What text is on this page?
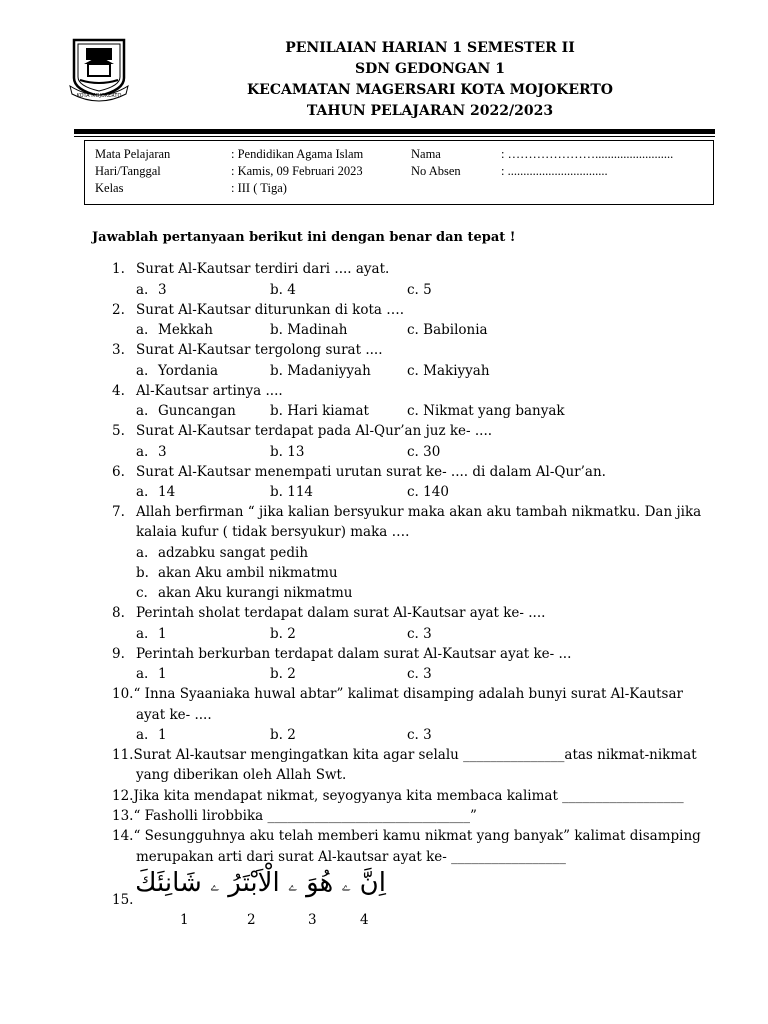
KOTA MOJOKERTO
PENILAIAN HARIAN 1 SEMESTER II
SDN GEDONGAN 1
KECAMATAN MAGERSARI KOTA MOJOKERTO
TAHUN PELAJARAN 2022/2023
Mata Pelajaran	: Pendidikan Agama Islam	Nama	: ………………….........................
Hari/Tanggal	: Kamis, 09 Februari 2023	No Absen	: ................................
Kelas	: III ( Tiga)
Jawablah pertanyaan berikut ini dengan benar dan tepat !
1. Surat Al-Kautsar terdiri dari .... ayat.
a. 3	b. 4	c. 5
2. Surat Al-Kautsar diturunkan di kota ….
a. Mekkah	b. Madinah	c. Babilonia
3. Surat Al-Kautsar tergolong surat ....
a. Yordania	b. Madaniyyah	c. Makiyyah
4. Al-Kautsar artinya ....
a. Guncangan	b. Hari kiamat	c. Nikmat yang banyak
5. Surat Al-Kautsar terdapat pada Al-Qur’an juz ke- ....
a. 3	b. 13	c. 30
6. Surat Al-Kautsar menempati urutan surat ke- .... di dalam Al-Qur’an.
a. 14	b. 114	c. 140
7. Allah berfirman “ jika kalian bersyukur maka akan aku tambah nikmatku. Dan jika
kalaia kufur ( tidak bersyukur) maka ….
a. adzabku sangat pedih
b. akan Aku ambil nikmatmu
c. akan Aku kurangi nikmatmu
8. Perintah sholat terdapat dalam surat Al-Kautsar ayat ke- ....
a. 1	b. 2	c. 3
9. Perintah berkurban terdapat dalam surat Al-Kautsar ayat ke- ...
a. 1	b. 2	c. 3
10.“ Inna Syaaniaka huwal abtar” kalimat disamping adalah bunyi surat Al-Kautsar
ayat ke- ....
a. 1	b. 2	c. 3
11.Surat Al-kautsar mengingatkan kita agar selalu _______________atas nikmat-nikmat
yang diberikan oleh Allah Swt.
12.Jika kita mendapat nikmat, seyogyanya kita membaca kalimat __________________
13.“ Fasholli lirobbika ______________________________”
14.“ Sesungguhnya aku telah memberi kamu nikmat yang banyak” kalimat disamping
merupakan arti dari surat Al-kautsar ayat ke- _________________
15.
اِنَّ ۦ هُوَ ۦ الْاَبْتَرُ ۦ شَانِئَكَ
1	2	3	4
